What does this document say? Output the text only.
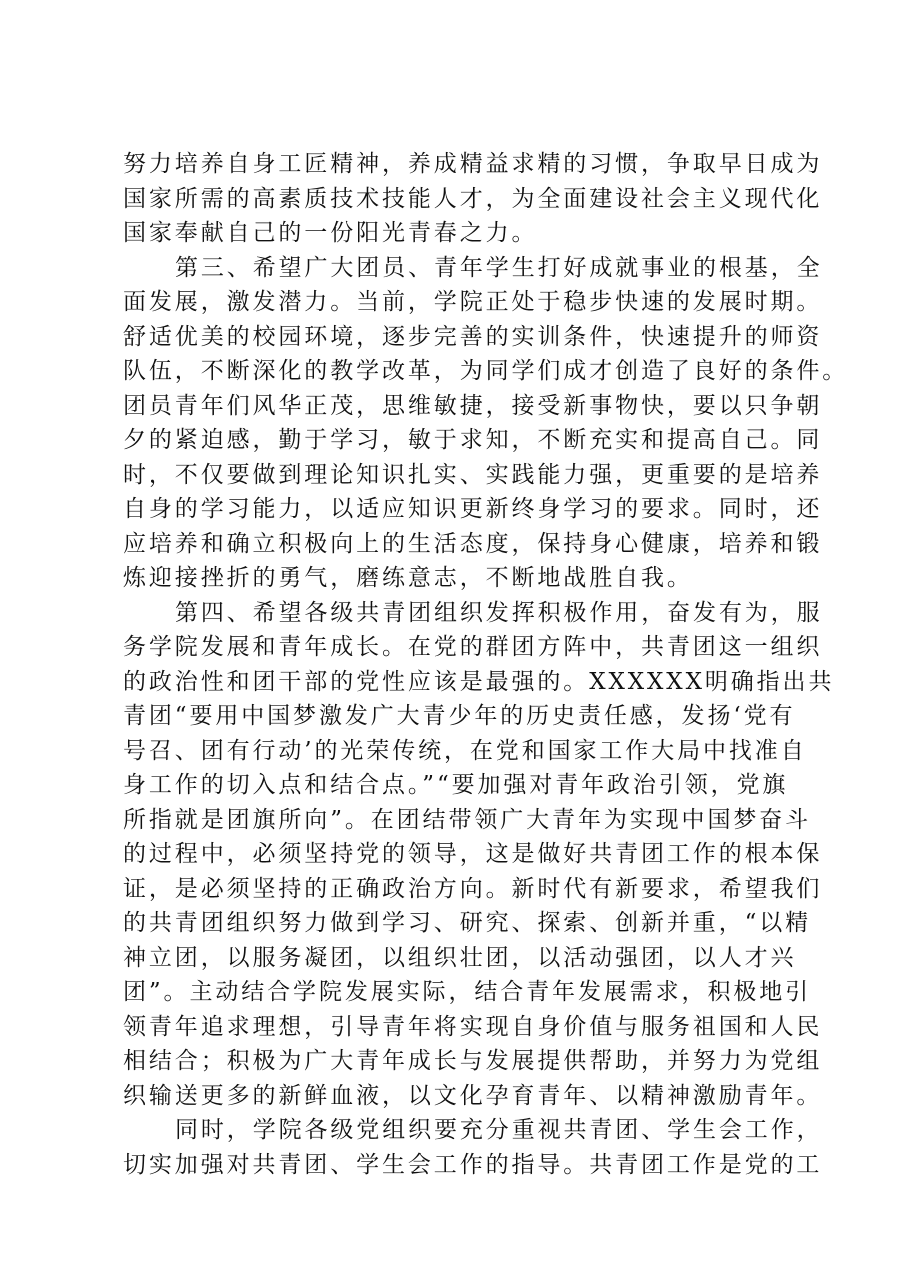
努力培养自身工匠精神，养成精益求精的习惯，争取早日成为
国家所需的高素质技术技能人才，为全面建设社会主义现代化
国家奉献自己的一份阳光青春之力。
第三、希望广大团员、青年学生打好成就事业的根基，全
面发展，激发潜力。当前，学院正处于稳步快速的发展时期。
舒适优美的校园环境，逐步完善的实训条件，快速提升的师资
队伍，不断深化的教学改革，为同学们成才创造了良好的条件。
团员青年们风华正茂，思维敏捷，接受新事物快，要以只争朝
夕的紧迫感，勤于学习，敏于求知，不断充实和提高自己。同
时，不仅要做到理论知识扎实、实践能力强，更重要的是培养
自身的学习能力，以适应知识更新终身学习的要求。同时，还
应培养和确立积极向上的生活态度，保持身心健康，培养和锻
炼迎接挫折的勇气，磨练意志，不断地战胜自我。
第四、希望各级共青团组织发挥积极作用，奋发有为，服
务学院发展和青年成长。在党的群团方阵中，共青团这一组织
的政治性和团干部的党性应该是最强的。XXXXXX明确指出共
青团“要用中国梦激发广大青少年的历史责任感，发扬‘党有
号召、团有行动’的光荣传统，在党和国家工作大局中找准自
身工作的切入点和结合点。”“要加强对青年政治引领，党旗
所指就是团旗所向”。在团结带领广大青年为实现中国梦奋斗
的过程中，必须坚持党的领导，这是做好共青团工作的根本保
证，是必须坚持的正确政治方向。新时代有新要求，希望我们
的共青团组织努力做到学习、研究、探索、创新并重，“以精
神立团，以服务凝团，以组织壮团，以活动强团，以人才兴
团”。主动结合学院发展实际，结合青年发展需求，积极地引
领青年追求理想，引导青年将实现自身价值与服务祖国和人民
相结合；积极为广大青年成长与发展提供帮助，并努力为党组
织输送更多的新鲜血液，以文化孕育青年、以精神激励青年。
同时，学院各级党组织要充分重视共青团、学生会工作，
切实加强对共青团、学生会工作的指导。共青团工作是党的工
